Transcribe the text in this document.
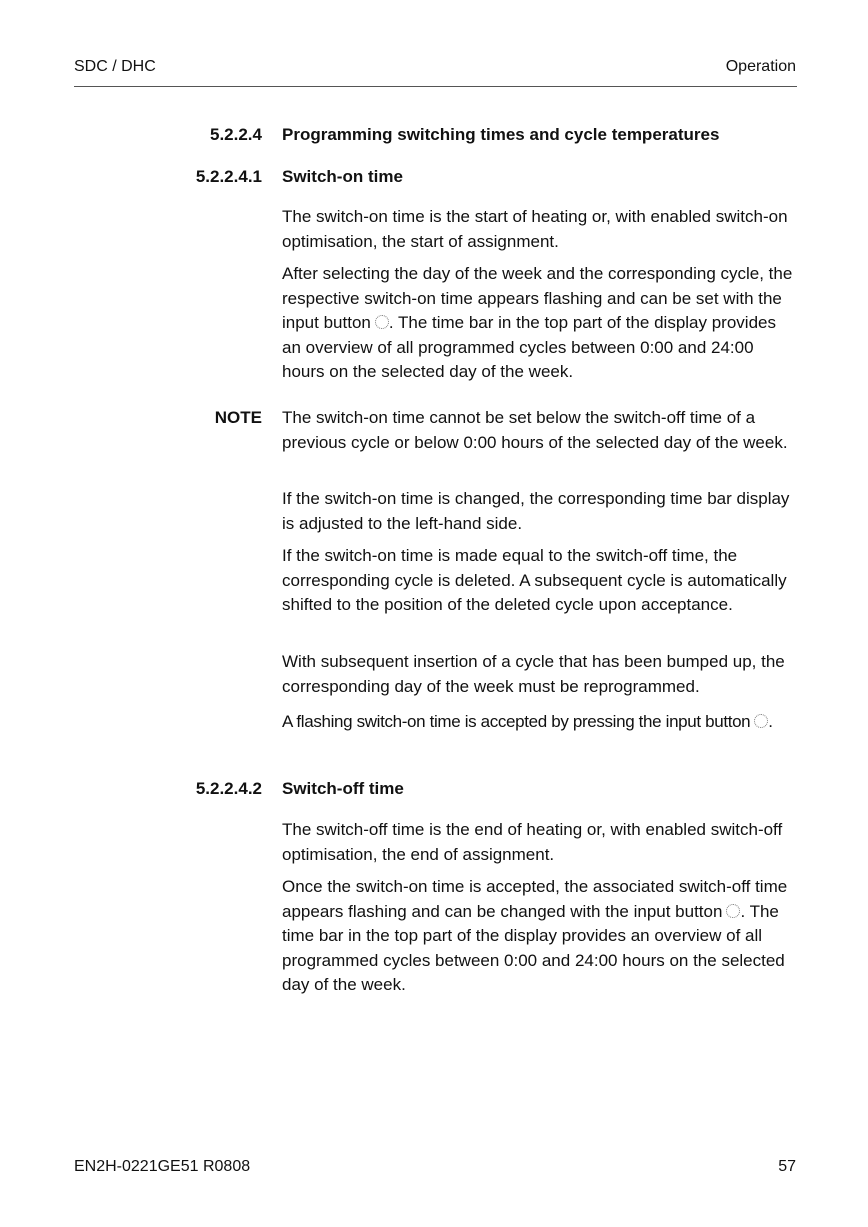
SDC / DHC	Operation
5.2.2.4 Programming switching times and cycle temperatures
5.2.2.4.1 Switch-on time

The switch-on time is the start of heating or, with enabled switch-on optimisation, the start of assignment.

After selecting the day of the week and the corresponding cycle, the respective switch-on time appears flashing and can be set with the input button . The time bar in the top part of the display provides an overview of all programmed cycles between 0:00 and 24:00 hours on the selected day of the week.

NOTE The switch-on time cannot be set below the switch-off time of a previous cycle or below 0:00 hours of the selected day of the week.

If the switch-on time is changed, the corresponding time bar display is adjusted to the left-hand side.

If the switch-on time is made equal to the switch-off time, the corresponding cycle is deleted. A subsequent cycle is automatically shifted to the position of the deleted cycle upon acceptance.

With subsequent insertion of a cycle that has been bumped up, the corresponding day of the week must be reprogrammed.

A flashing switch-on time is accepted by pressing the input button .

5.2.2.4.2 Switch-off time

The switch-off time is the end of heating or, with enabled switch-off optimisation, the end of assignment.

Once the switch-on time is accepted, the associated switch-off time appears flashing and can be changed with the input button . The time bar in the top part of the display provides an overview of all programmed cycles between 0:00 and 24:00 hours on the selected day of the week.

EN2H-0221GE51 R0808	57
